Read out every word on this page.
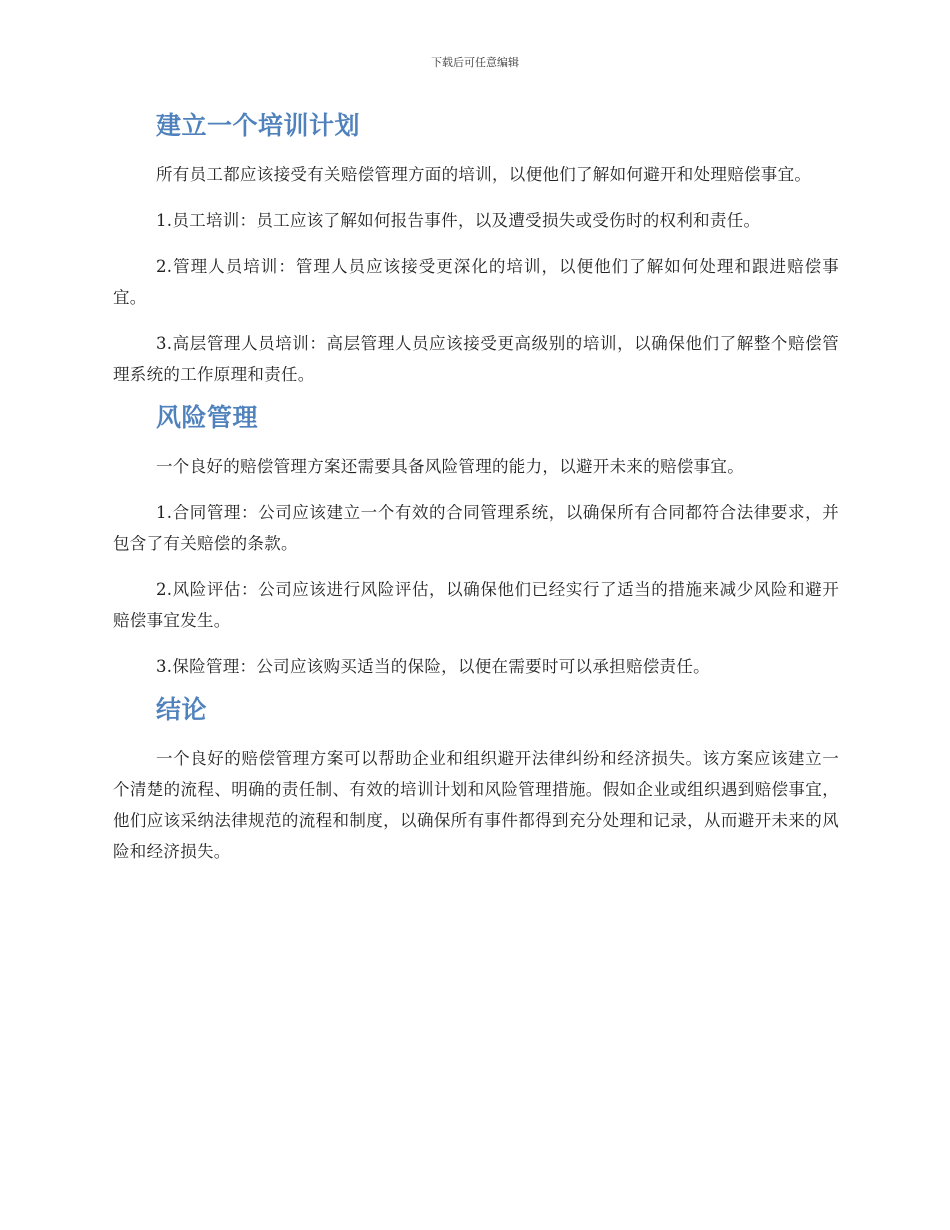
下载后可任意编辑
建立一个培训计划

所有员工都应该接受有关赔偿管理方面的培训，以便他们了解如何避开和处理赔偿事宜。

1.员工培训：员工应该了解如何报告事件，以及遭受损失或受伤时的权利和责任。

2.管理人员培训：管理人员应该接受更深化的培训，以便他们了解如何处理和跟进赔偿事宜。

3.高层管理人员培训：高层管理人员应该接受更高级别的培训，以确保他们了解整个赔偿管理系统的工作原理和责任。

风险管理

一个良好的赔偿管理方案还需要具备风险管理的能力，以避开未来的赔偿事宜。

1.合同管理：公司应该建立一个有效的合同管理系统，以确保所有合同都符合法律要求，并包含了有关赔偿的条款。

2.风险评估：公司应该进行风险评估，以确保他们已经实行了适当的措施来减少风险和避开赔偿事宜发生。

3.保险管理：公司应该购买适当的保险，以便在需要时可以承担赔偿责任。

结论

一个良好的赔偿管理方案可以帮助企业和组织避开法律纠纷和经济损失。该方案应该建立一个清楚的流程、明确的责任制、有效的培训计划和风险管理措施。假如企业或组织遇到赔偿事宜，他们应该采纳法律规范的流程和制度，以确保所有事件都得到充分处理和记录，从而避开未来的风险和经济损失。
